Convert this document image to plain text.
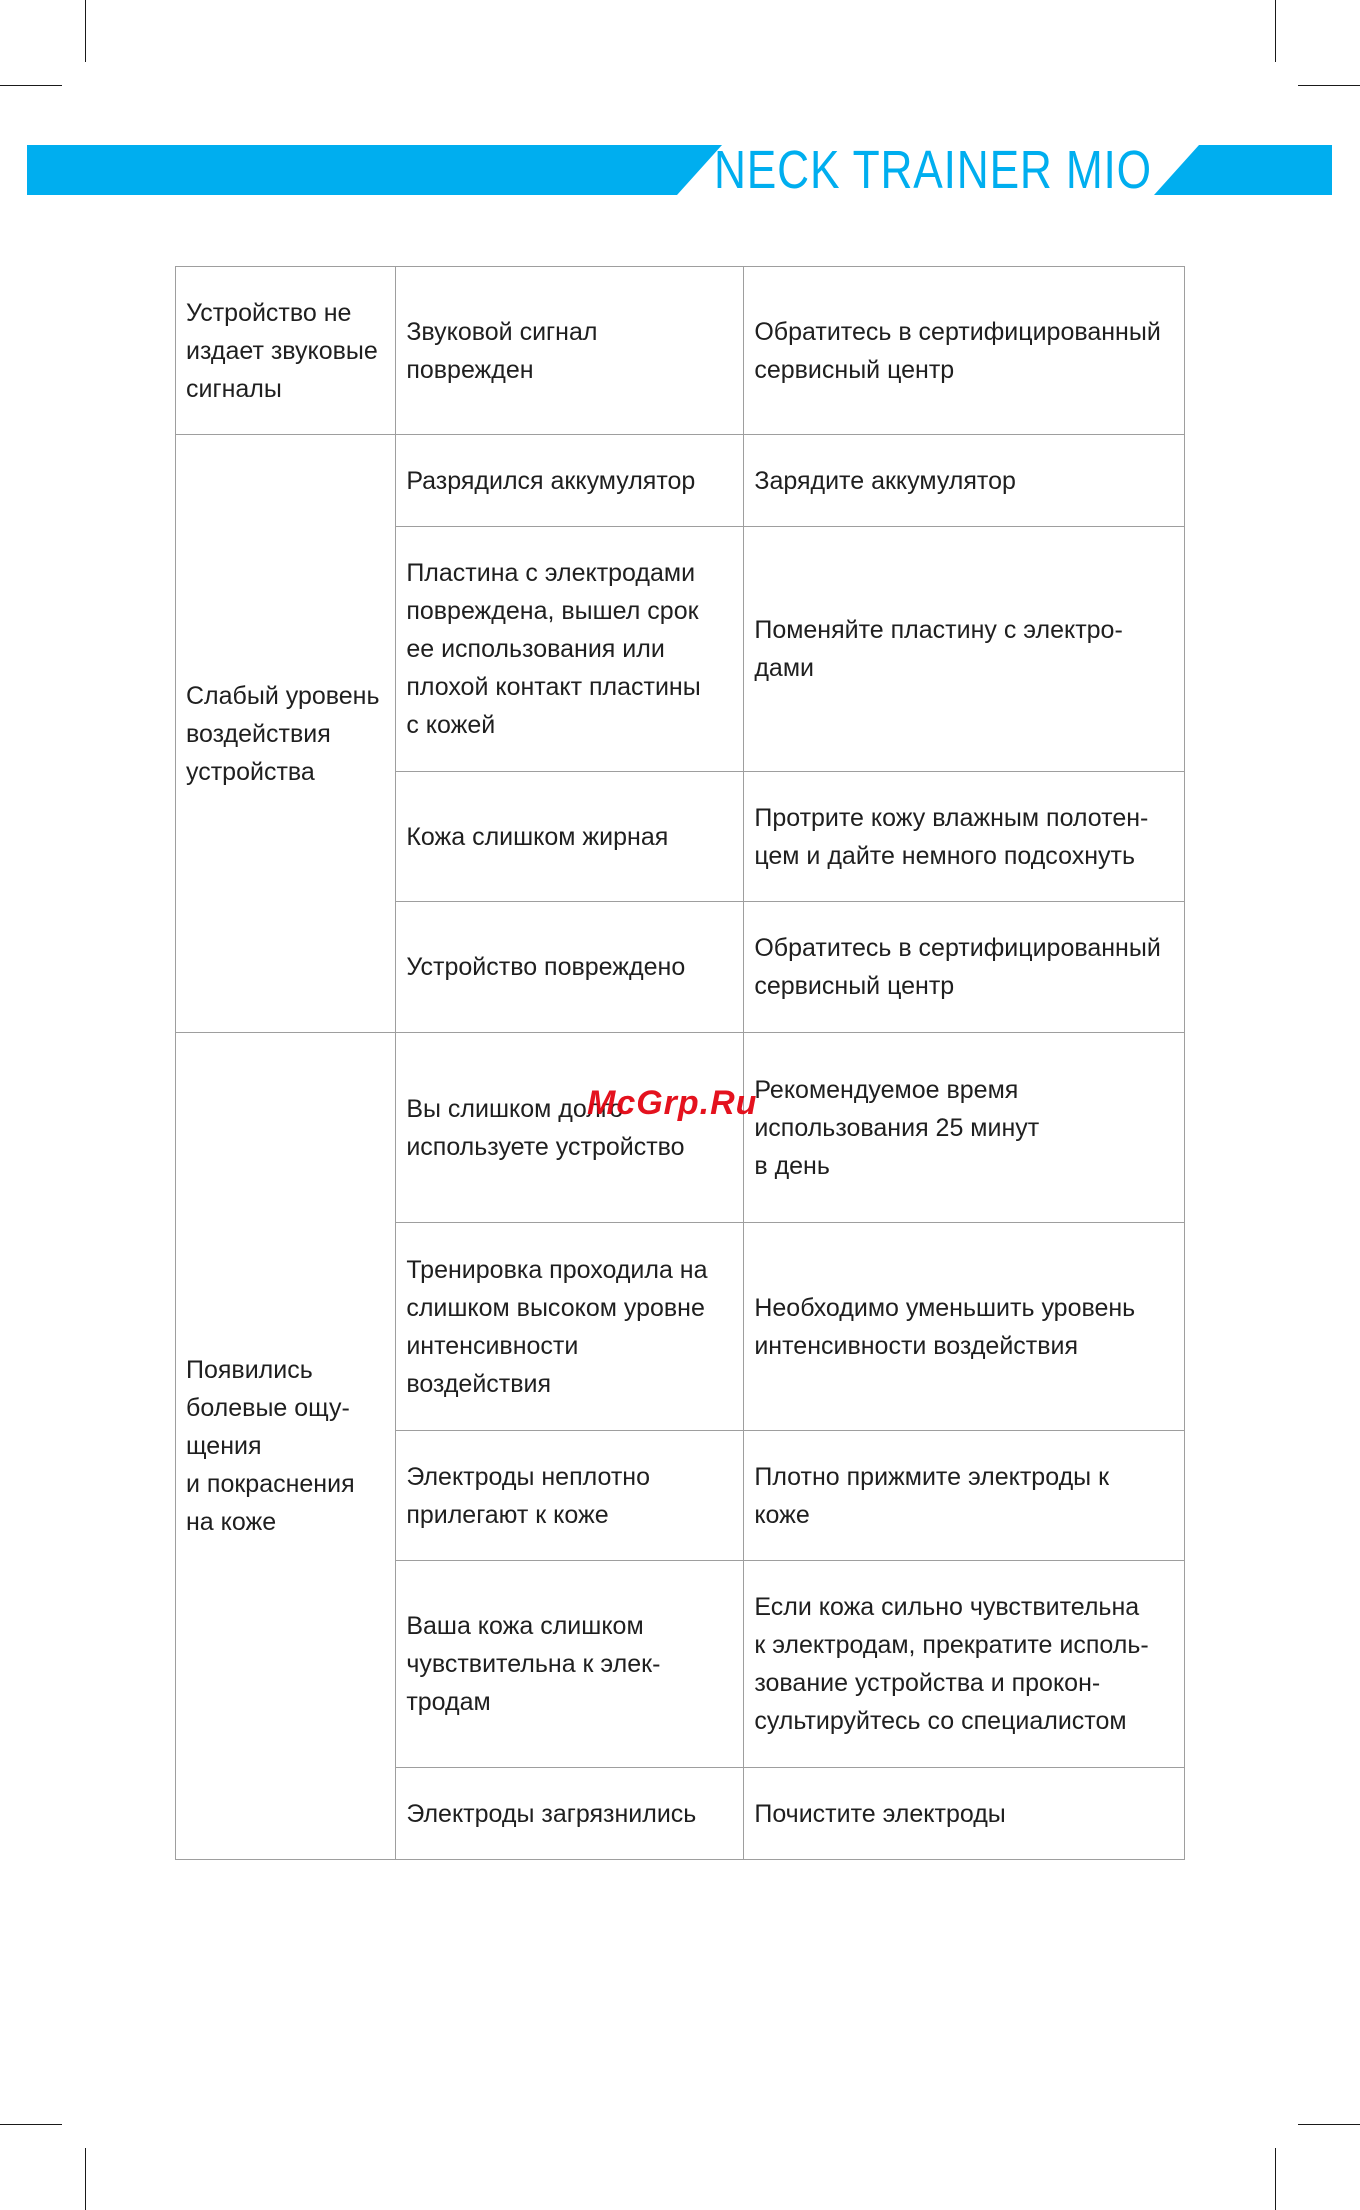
NECK TRAINER MIO
Устройство не
издает звуковые
сигналы	Звуковой сигнал
поврежден	Обратитесь в сертифицированный
сервисный центр

Слабый уровень
воздействия
устройства	Разрядился аккумулятор	Зарядите аккумулятор

	Пластина с электродами
повреждена, вышел срок
ее использования или
плохой контакт пластины
с кожей	Поменяйте пластину с электро-
дами

	Кожа слишком жирная	Протрите кожу влажным полотен-
цем и дайте немного подсохнуть

	Устройство повреждено	Обратитесь в сертифицированный
сервисный центр

Появились
болевые ощу-
щения
и покраснения
на коже	Вы слишком долго
используете устройство	Рекомендуемое время
использования 25 минут
в день

	Тренировка проходила на
слишком высоком уровне
интенсивности
воздействия	Необходимо уменьшить уровень
интенсивности воздействия

	Электроды неплотно
прилегают к коже	Плотно прижмите электроды к
коже

	Ваша кожа слишком
чувствительна к элек-
тродам	Если кожа сильно чувствительна
к электродам, прекратите исполь-
зование устройства и прокон-
сультируйтесь со специалистом

	Электроды загрязнились	Почистите электроды
McGrp.Ru
